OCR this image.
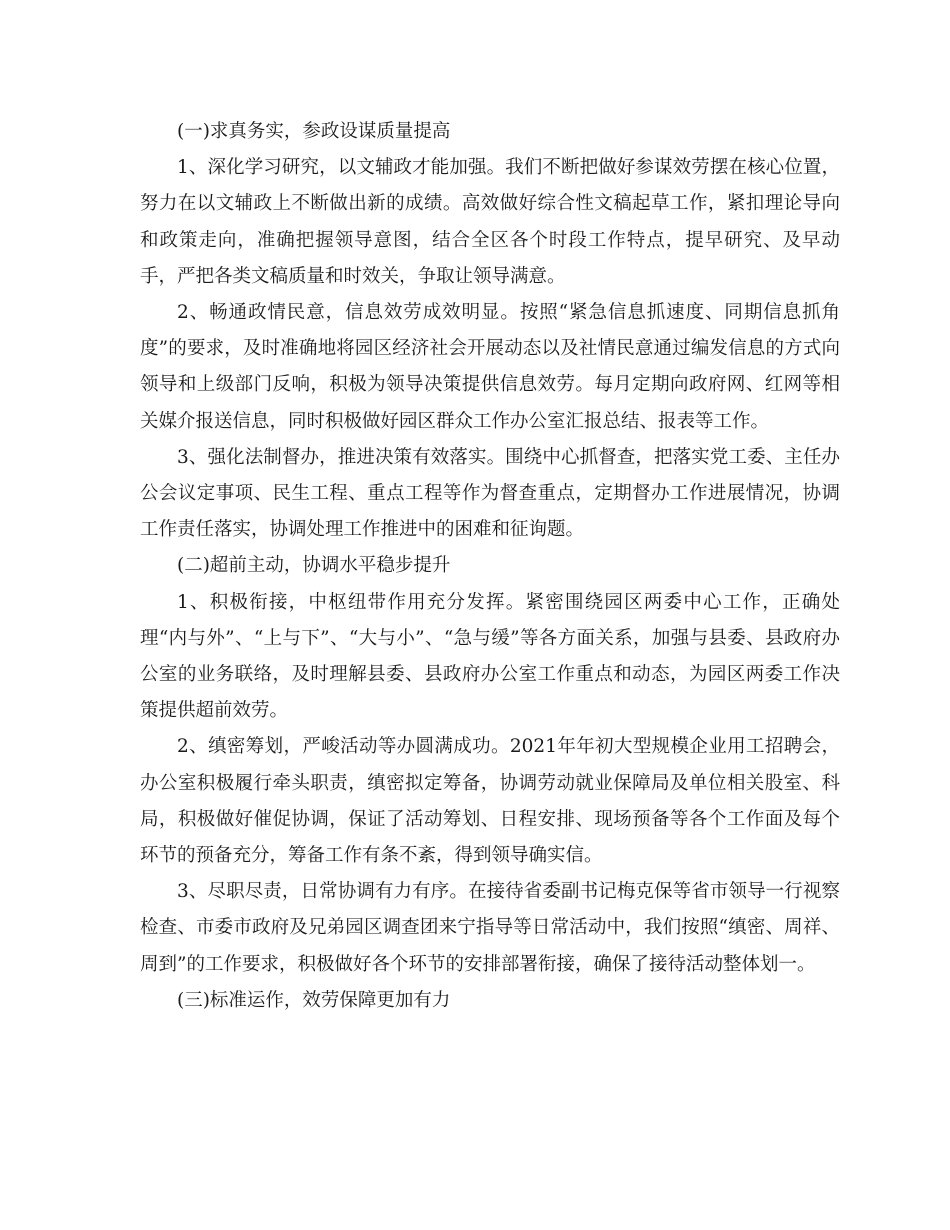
(一)求真务实，参政设谋质量提高

1、深化学习研究，以文辅政才能加强。我们不断把做好参谋效劳摆在核心位置，努力在以文辅政上不断做出新的成绩。高效做好综合性文稿起草工作，紧扣理论导向和政策走向，准确把握领导意图，结合全区各个时段工作特点，提早研究、及早动手，严把各类文稿质量和时效关，争取让领导满意。

2、畅通政情民意，信息效劳成效明显。按照“紧急信息抓速度、同期信息抓角度”的要求，及时准确地将园区经济社会开展动态以及社情民意通过编发信息的方式向领导和上级部门反响，积极为领导决策提供信息效劳。每月定期向政府网、红网等相关媒介报送信息，同时积极做好园区群众工作办公室汇报总结、报表等工作。

3、强化法制督办，推进决策有效落实。围绕中心抓督查，把落实党工委、主任办公会议定事项、民生工程、重点工程等作为督查重点，定期督办工作进展情况，协调工作责任落实，协调处理工作推进中的困难和征询题。

(二)超前主动，协调水平稳步提升

1、积极衔接，中枢纽带作用充分发挥。紧密围绕园区两委中心工作，正确处理“内与外”、“上与下”、“大与小”、“急与缓”等各方面关系，加强与县委、县政府办公室的业务联络，及时理解县委、县政府办公室工作重点和动态，为园区两委工作决策提供超前效劳。

2、缜密筹划，严峻活动等办圆满成功。2021年年初大型规模企业用工招聘会，办公室积极履行牵头职责，缜密拟定筹备，协调劳动就业保障局及单位相关股室、科局，积极做好催促协调，保证了活动筹划、日程安排、现场预备等各个工作面及每个环节的预备充分，筹备工作有条不紊，得到领导确实信。

3、尽职尽责，日常协调有力有序。在接待省委副书记梅克保等省市领导一行视察检查、市委市政府及兄弟园区调查团来宁指导等日常活动中，我们按照“缜密、周祥、周到”的工作要求，积极做好各个环节的安排部署衔接，确保了接待活动整体划一。

(三)标准运作，效劳保障更加有力
